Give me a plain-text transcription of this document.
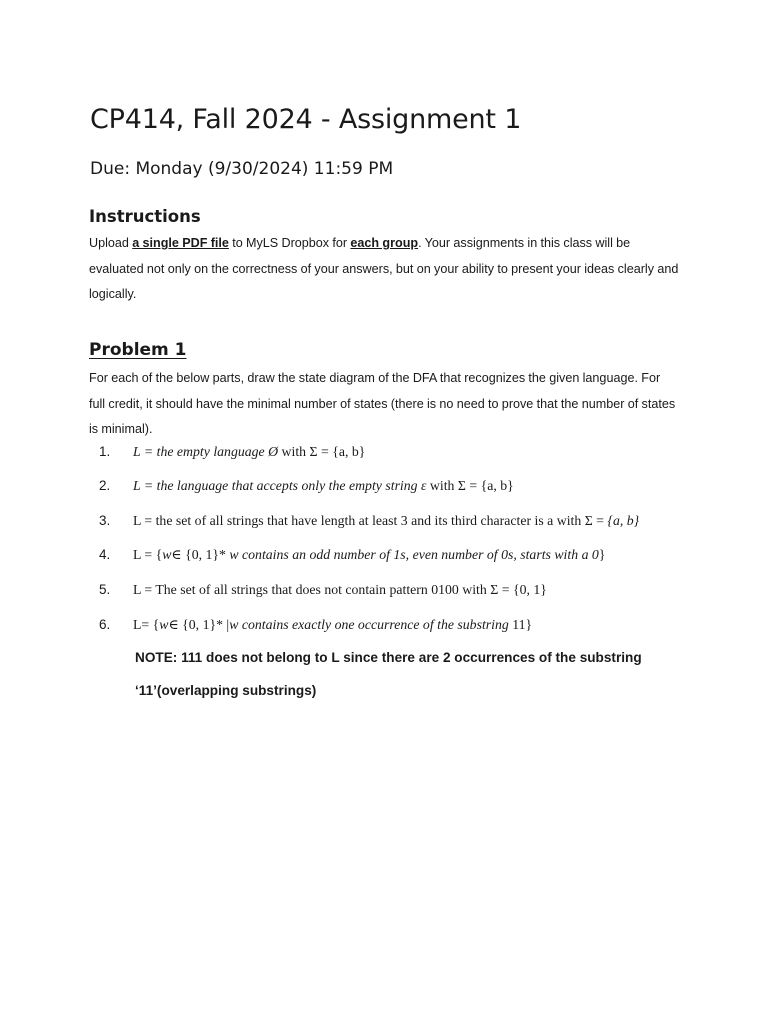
CP414, Fall 2024 - Assignment 1
Due: Monday (9/30/2024) 11:59 PM
Instructions
Upload a single PDF file to MyLS Dropbox for each group. Your assignments in this class will be evaluated not only on the correctness of your answers, but on your ability to present your ideas clearly and logically.
Problem 1
For each of the below parts, draw the state diagram of the DFA that recognizes the given language. For full credit, it should have the minimal number of states (there is no need to prove that the number of states is minimal).
1. L = the empty language Ø with Σ = {a, b}
2. L = the language that accepts only the empty string ε with Σ = {a, b}
3. L = the set of all strings that have length at least 3 and its third character is a with Σ = {a, b}
4. L = {w∈ {0, 1}* w contains an odd number of 1s, even number of 0s, starts with a 0}
5. L = The set of all strings that does not contain pattern 0100 with Σ = {0, 1}
6. L= {w∈ {0, 1}* |w contains exactly one occurrence of the substring 11}
NOTE: 111 does not belong to L since there are 2 occurrences of the substring
‘11’(overlapping substrings)
